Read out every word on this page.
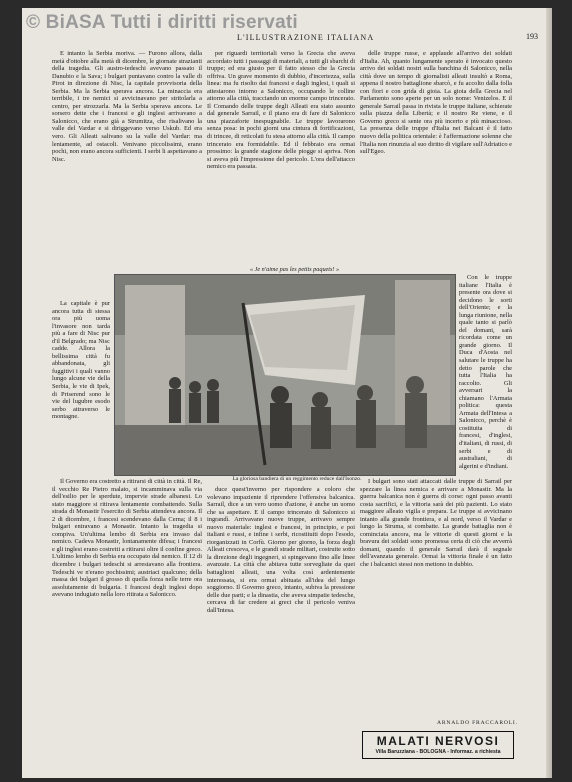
© BiASA Tutti i diritti riservati
L'ILLUSTRAZIONE ITALIANA	193

E intanto la Serbia moriva. — Furono allora, dalla metà d'ottobre alla metà di dicembre, le giornate strazianti della tragedia. Gli austro-tedeschi avevano passato il Danubio e la Sava; i bulgari puntavano contro la valle di Pirot in direzione di Nisc, la capitale provvisoria della Serbia. Ma la Serbia sperava ancora. La minaccia era terribile, i tre nemici si avvicinavano per stritolarla a centro, per strozzarla. Ma la Serbia sperava ancora. Le sorsero dette che i francesi e gli inglesi arrivavano a Salonicco, che erano già a Strumitza, che risalivano la valle del Vardar e si diriggevano verso Uskub. Ed era vero. Gli Alleati salivano su la valle del Vardar: ma lentamente, ad ostacoli. Venivano piccolissimi, erano pochi, non erano ancora sufficienti. I serbi li aspettavano a Nisc.

La capitale è pur ancora tutta di stessa ora più uoma l'invasore non tarda più a fare di Nisc pur d'il Belgrado; ma Nisc cadde. Allora la bellissima città fu abbandonata, gli fuggitivi i quali vanno lungo alcune vie della Serbia, le vie di Ipek, di Priserend sono le vie del lugubre esodo serbo attraverso le montagne.

Il Governo era costretto a ritirarsi di città in città. Il Re, il vecchio Re Pietro malato, si incamminava sulla via dell'esilio per le sperdute, impervie strade albanesi. Lo stato maggiore si ritirava lentamente combattendo. Sulla strada di Monastir l'esercito di Serbia attendeva ancora. Il 2 di dicembre, i francesi scendevano dalla Cerna; il 8 i bulgari entravano a Monastir. Intanto la tragedia si compiva. Un'ultima lembo di Serbia era invaso dal nemico. Cadeva Monastir, lontanamente difesa; i francesi e gli inglesi erano costretti a ritirarsi oltre il confine greco. L'ultimo lembo di Serbia era occupato dal nemico. Il 12 di dicembre i bulgari tedeschi si arrestavano alla frontiera. Tedeschi ve n'erano pochissimi; austriaci qualcuno; della massa dei bulgari il grosso di quella forza nelle terre ora assolutamente di bulgaria. I francesi degli inglesi dopo avevano indugiato nella loro ritirata a Salonicco.

per riguardi territoriali verso la Grecia che aveva accordato tutti i passaggi di materiali, a tutti gli sbarchi di truppe; ed era giusto per il fatto stesso che la Grecia offriva. Un grave momento di dubbio, d'incertezza, sulla linea: ma fu risolto dai francesi e dagli inglesi, i quali si attestarono intorno a Salonicco, occupando le colline attorno alla città, tracciando un enorme campo trincerato. Il Comando delle truppe degli Alleati era stato assunto dal generale Sarrail, e il piano era di fare di Salonicco una piazzaforte inespugnabile. Le truppe lavorarono senza posa: in pochi giorni una cintura di fortificazioni, di trincee, di reticolati fu stesa attorno alla città. Il campo trincerato era formidabile. Ed il febbraio era ormai prossimo: la grande stagione delle piogge si apriva. Non si aveva più l'impressione del pericolo. L'ora dell'attacco nemico era passata.

« Je n'aime pas les petits paquets! »

duce quest'inverno per rispondere a coloro che volevano impaziente il riprendere l'offensiva balcanica. Sarrail, dice a un vero uomo d'azione, è anche un uomo che sa aspettare. E il campo trincerato di Salonicco si ingrandì. Arrivavano nuove truppe, arrivavo sempre nuovo materiale: inglesi e francesi, in principio, e poi italiani e russi, e infine i serbi, ricostituiti dopo l'esodo, riorganizzati in Corfù. Giorno per giorno, la forza degli Alleati cresceva, e le grandi strade militari, costruite sotto la direzione degli ingegneri, si spingevano fino alle linee avanzate. La città che abitava tutte sorvegliate da quei battaglioni alleati, una volta così ardentemente interessata, si era ormai abituata all'idea del lungo soggiorno. Il Governo greco, intanto, subiva la pressione delle due parti; e la dinastia, che aveva simpatie tedesche, cercava di far credere ai greci che il pericolo veniva dall'Intesa.

delle truppe russe, e applaude all'arrivo dei soldati d'Italia. Ah, quanto lungamente sperato è invocato questo arrivo dei soldati nostri sulla banchina di Salonicco, nella città dove un tempo di giornalisti alleati insultò a Roma, appena il nostro battaglione sbarcò, e fu accolto dalla folla con fiori e con grida di gioia. La gioia della Grecia nel Parlamento sono aperte per un solo nome: Venizelos. E il generale Sarrail passa in rivista le truppe italiane, schierate sulla piazza della Libertà; e il nostro Re viene, e il Governo greco si sente ora più incerto e più minaccioso. La presenza delle truppe d'Italia nei Balcani è il fatto nuovo della politica orientale: è l'affermazione solenne che l'Italia non rinunzia al suo diritto di vigilare sull'Adriatico e sull'Egeo.

Con le truppe italiane l'Italia è presente ora dove si decidono le sorti dell'Oriente; e la lunga riunione, nella quale tanto si parlò del domani, sarà ricordata come un grande giorno. Il Duca d'Aosta nel salutare le truppe ha detto parole che tutta l'Italia ha raccolto. Gli avversari la chiamano l'Armata politica: questa Armata dell'Intesa a Salonicco, perchè è costituita di francesi, d'inglesi, d'italiani, di russi, di serbi e di australiani, di algerini e d'indiani.

I bulgari sono stati attaccati dalle truppe di Sarrail per spezzare la linea nemica e arrivare a Monastir. Ma la guerra balcanica non è guerra di corse: ogni passo avanti costa sacrifici, e la vittoria sarà dei più pazienti. Lo stato maggiore alleato vigila e prepara. Le truppe si avvicinano intanto alla grande frontiera, e al nord, verso il Vardar e lungo la Struma, si combatte. La grande battaglia non è cominciata ancora, ma le vittorie di questi giorni e la bravura dei soldati sono promessa certa di ciò che avverrà domani, quando il generale Sarrail darà il segnale dell'avanzata generale. Ormai la vittoria finale è un fatto che i balcanici stessi non mettono in dubbio.

La gloriosa bandiera di un reggimento reduce dall'Isonzo.
ARNALDO FRACCAROLI.
MALATI NERVOSI
Villa Baruzziana - BOLOGNA - Informaz. a richiesta
